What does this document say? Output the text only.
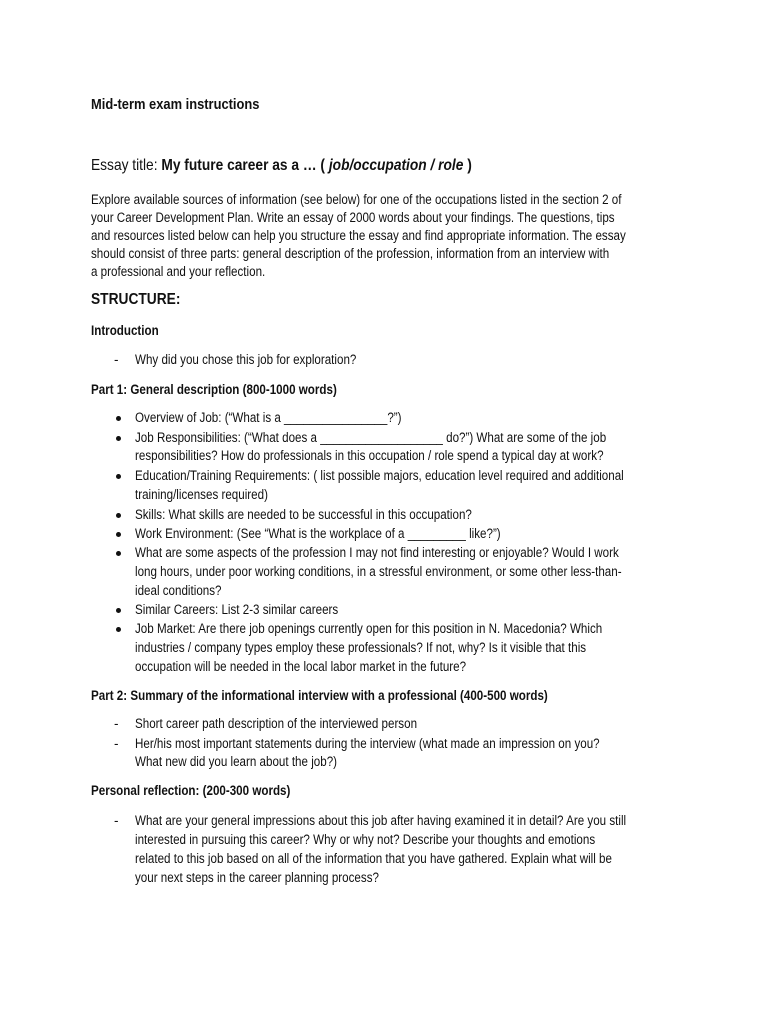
Mid-term exam instructions
Essay title: My future career as a … ( job/occupation / role )
Explore available sources of information (see below) for one of the occupations listed in the section 2 of
your Career Development Plan. Write an essay of 2000 words about your findings. The questions, tips
and resources listed below can help you structure the essay and find appropriate information. The essay
should consist of three parts: general description of the profession, information from an interview with
a professional and your reflection.
STRUCTURE:
Introduction
- Why did you chose this job for exploration?
Part 1: General description (800-1000 words)
Overview of Job: (“What is a ________________?”)
Job Responsibilities: (“What does a ___________________ do?”) What are some of the job
responsibilities? How do professionals in this occupation / role spend a typical day at work?
Education/Training Requirements: ( list possible majors, education level required and additional
training/licenses required)
Skills: What skills are needed to be successful in this occupation?
Work Environment: (See “What is the workplace of a _________ like?”)
What are some aspects of the profession I may not find interesting or enjoyable? Would I work
long hours, under poor working conditions, in a stressful environment, or some other less-than-
ideal conditions?
Similar Careers: List 2-3 similar careers
Job Market: Are there job openings currently open for this position in N. Macedonia? Which
industries / company types employ these professionals? If not, why? Is it visible that this
occupation will be needed in the local labor market in the future?
Part 2: Summary of the informational interview with a professional (400-500 words)
- Short career path description of the interviewed person
- Her/his most important statements during the interview (what made an impression on you?
What new did you learn about the job?)
Personal reflection: (200-300 words)
- What are your general impressions about this job after having examined it in detail? Are you still
interested in pursuing this career? Why or why not? Describe your thoughts and emotions
related to this job based on all of the information that you have gathered. Explain what will be
your next steps in the career planning process?
